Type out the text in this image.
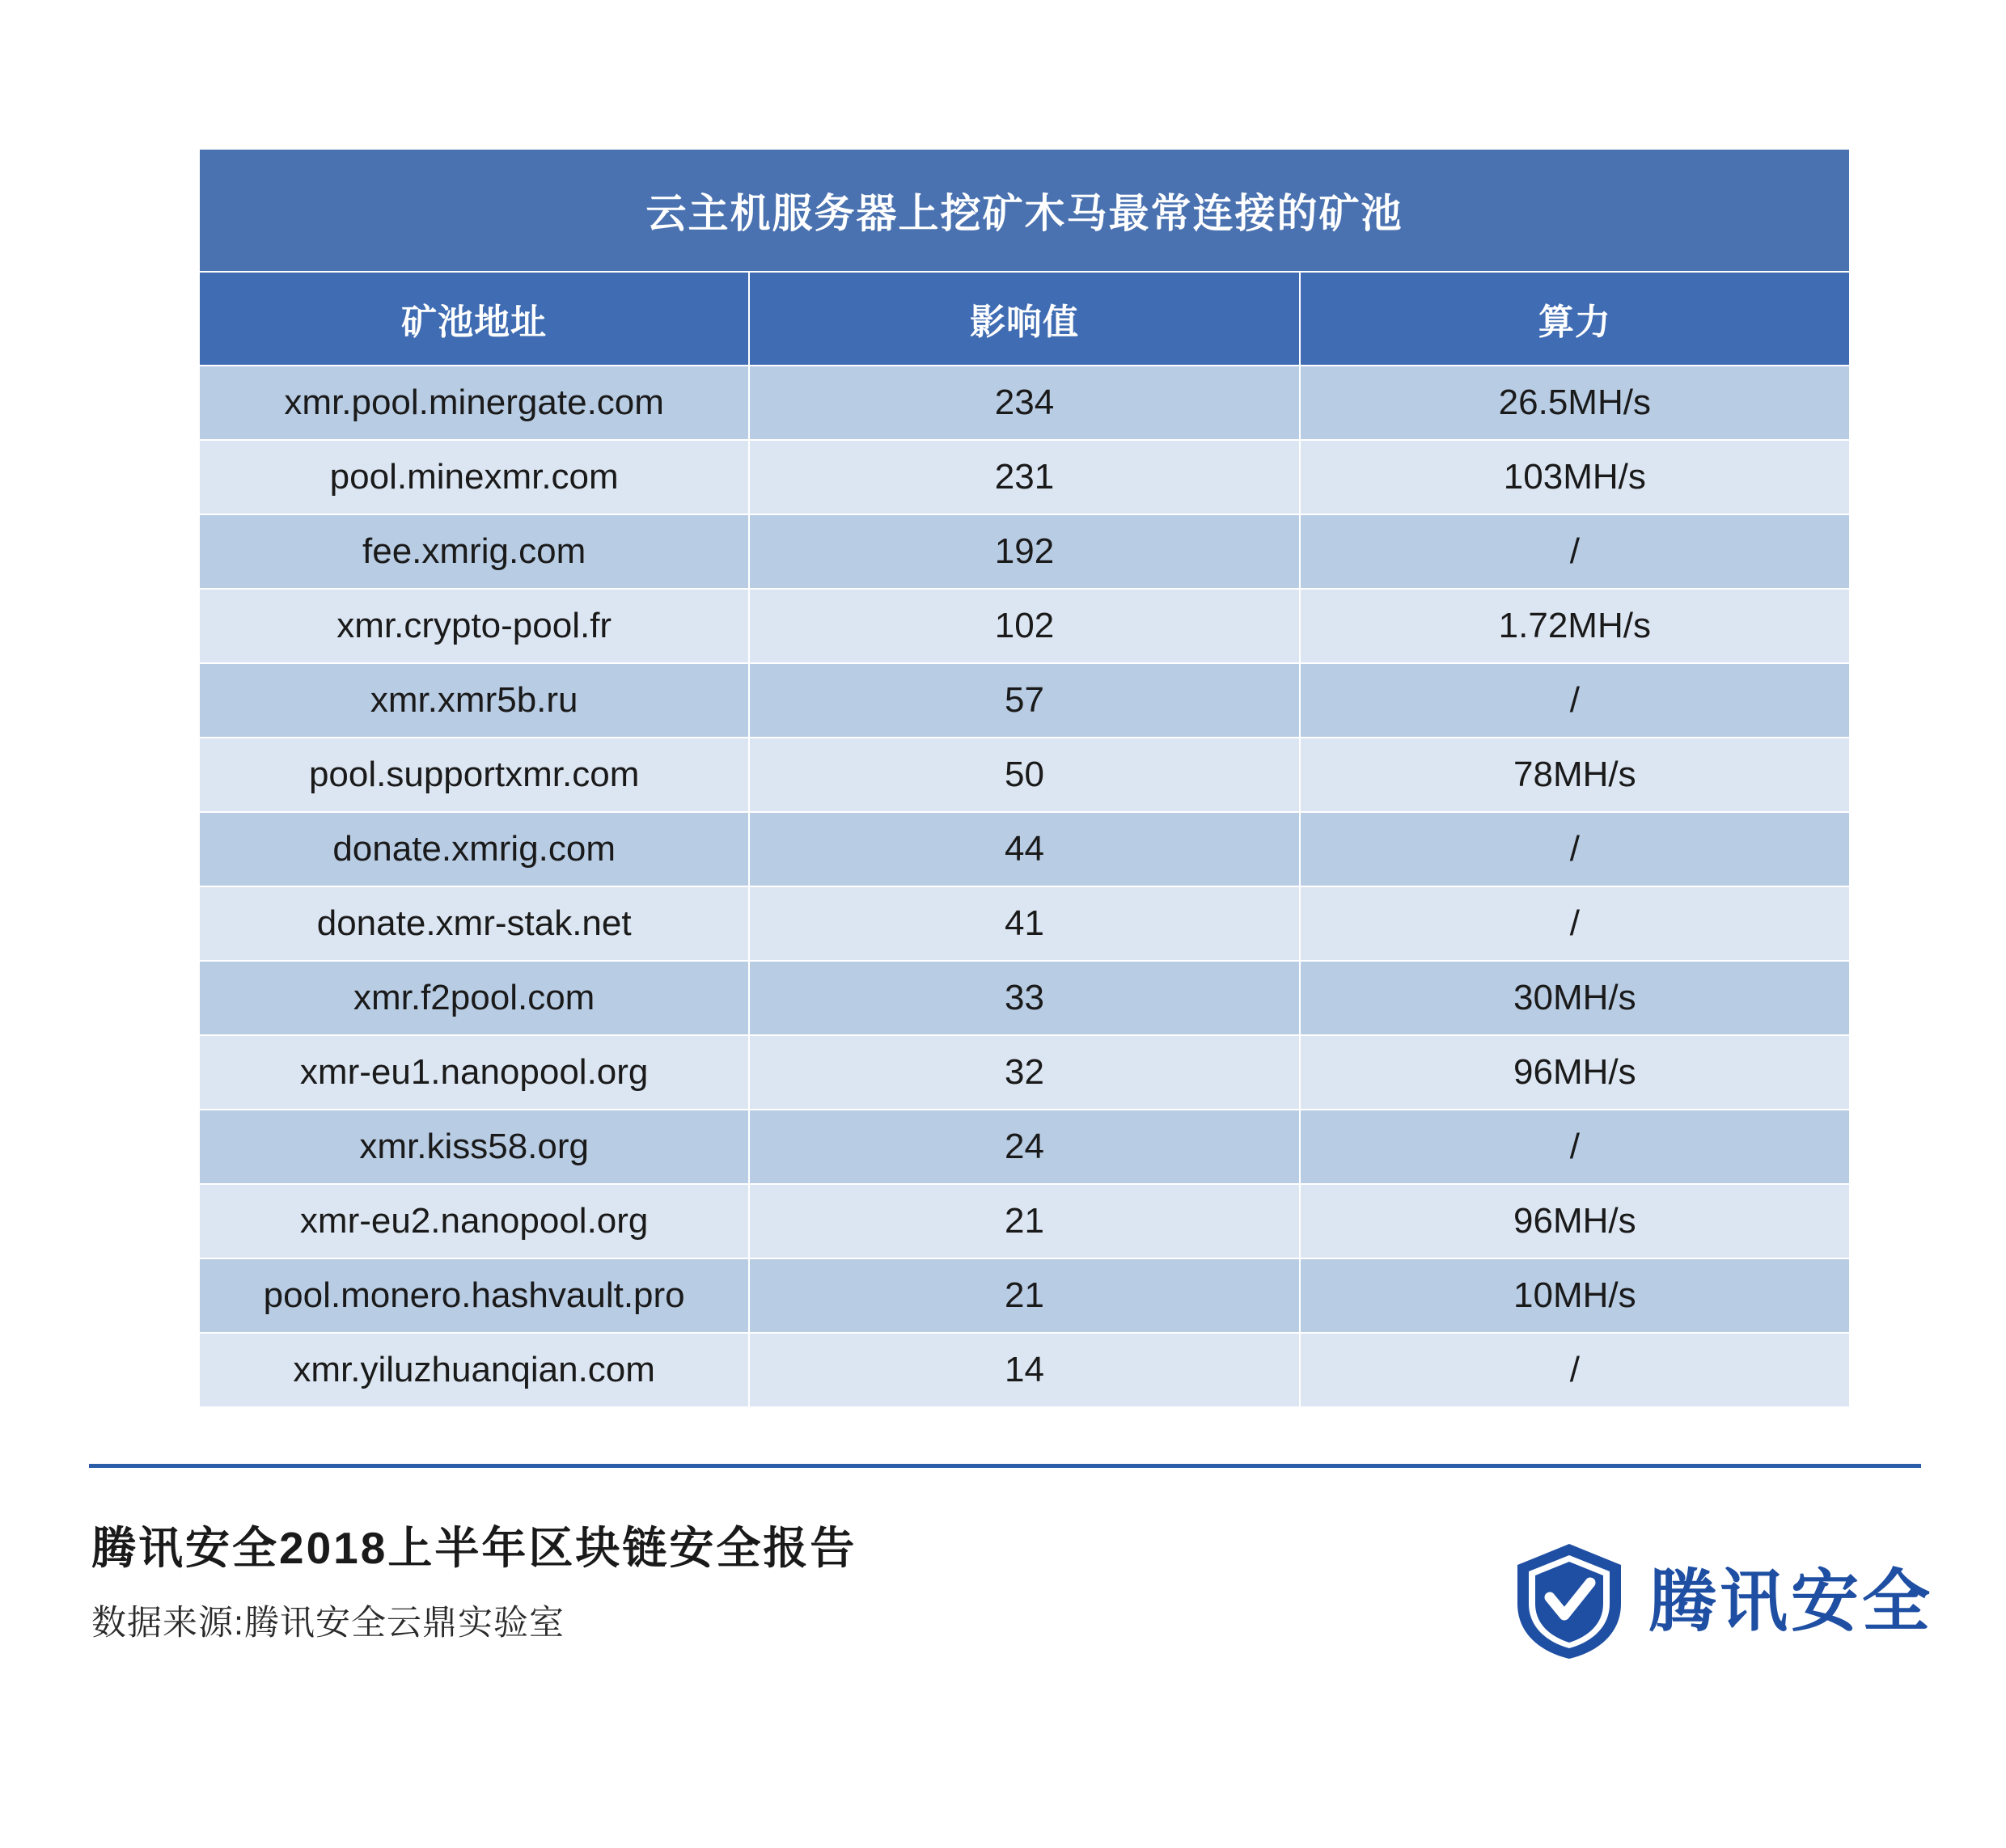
云主机服务器上挖矿木马最常连接的矿池		
矿池地址	影响值	算力
xmr.pool.minergate.com	234	26.5MH/s
pool.minexmr.com	231	103MH/s
fee.xmrig.com	192	/
xmr.crypto-pool.fr	102	1.72MH/s
xmr.xmr5b.ru	57	/
pool.supportxmr.com	50	78MH/s
donate.xmrig.com	44	/
donate.xmr-stak.net	41	/
xmr.f2pool.com	33	30MH/s
xmr-eu1.nanopool.org	32	96MH/s
xmr.kiss58.org	24	/
xmr-eu2.nanopool.org	21	96MH/s
pool.monero.hashvault.pro	21	10MH/s
xmr.yiluzhuanqian.com	14	/
腾讯安全2018上半年区块链安全报告
数据来源:腾讯安全云鼎实验室	腾讯安全
